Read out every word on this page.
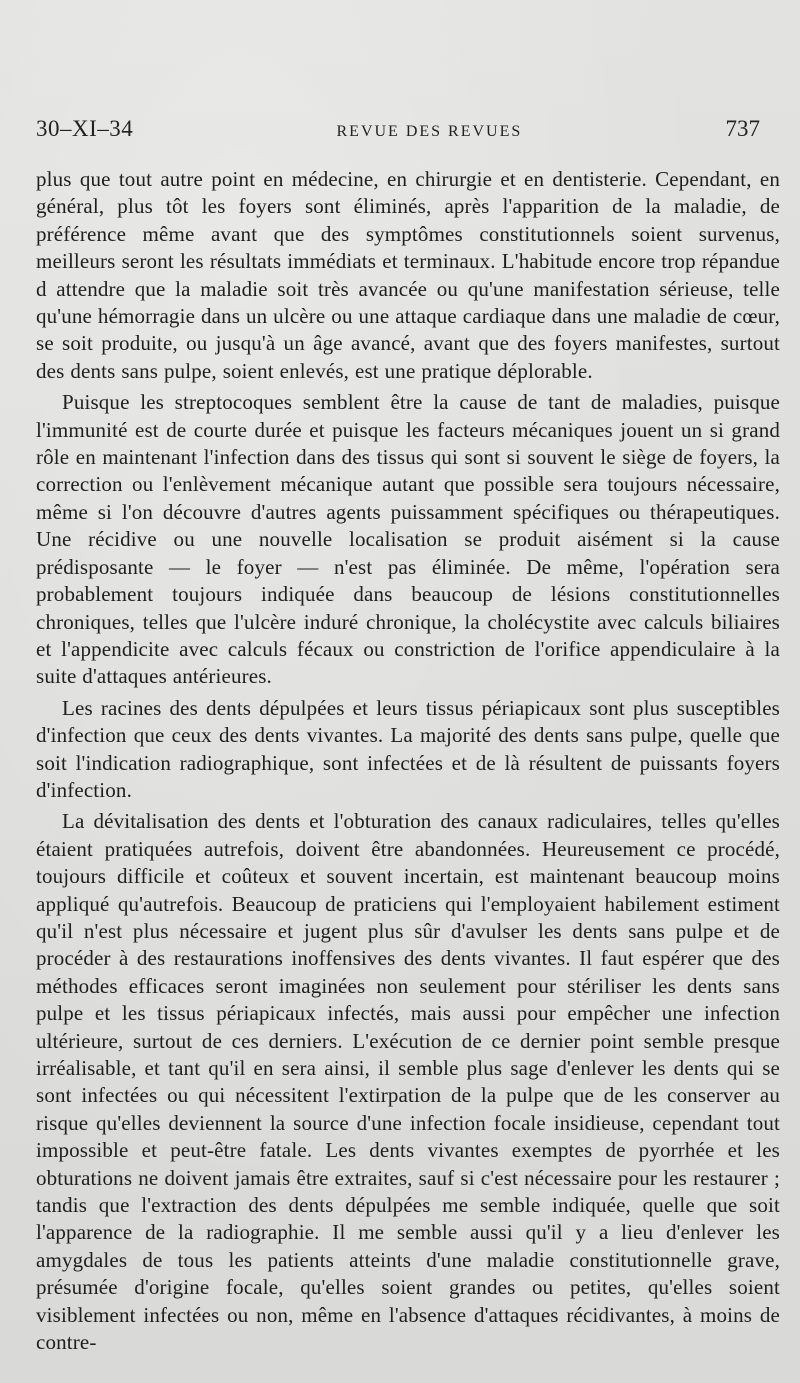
30–XI–34	REVUE DES REVUES	737

plus que tout autre point en médecine, en chirurgie et en dentisterie. Cependant, en général, plus tôt les foyers sont éliminés, après l'apparition de la maladie, de préférence même avant que des symptômes constitutionnels soient survenus, meilleurs seront les résultats immédiats et terminaux. L'habitude encore trop répandue d attendre que la maladie soit très avancée ou qu'une manifestation sérieuse, telle qu'une hémorragie dans un ulcère ou une attaque cardiaque dans une maladie de cœur, se soit produite, ou jusqu'à un âge avancé, avant que des foyers manifestes, surtout des dents sans pulpe, soient enlevés, est une pratique déplorable.

Puisque les streptocoques semblent être la cause de tant de maladies, puisque l'immunité est de courte durée et puisque les facteurs mécaniques jouent un si grand rôle en maintenant l'infection dans des tissus qui sont si souvent le siège de foyers, la correction ou l'enlèvement mécanique autant que possible sera toujours nécessaire, même si l'on découvre d'autres agents puissamment spécifiques ou thérapeutiques. Une récidive ou une nouvelle localisation se produit aisément si la cause prédisposante — le foyer — n'est pas éliminée. De même, l'opération sera probablement toujours indiquée dans beaucoup de lésions constitutionnelles chroniques, telles que l'ulcère induré chronique, la cholécystite avec calculs biliaires et l'appendicite avec calculs fécaux ou constriction de l'orifice appendiculaire à la suite d'attaques antérieures.

Les racines des dents dépulpées et leurs tissus périapicaux sont plus susceptibles d'infection que ceux des dents vivantes. La majorité des dents sans pulpe, quelle que soit l'indication radiographique, sont infectées et de là résultent de puissants foyers d'infection.

La dévitalisation des dents et l'obturation des canaux radiculaires, telles qu'elles étaient pratiquées autrefois, doivent être abandonnées. Heureusement ce procédé, toujours difficile et coûteux et souvent incertain, est maintenant beaucoup moins appliqué qu'autrefois. Beaucoup de praticiens qui l'employaient habilement estiment qu'il n'est plus nécessaire et jugent plus sûr d'avulser les dents sans pulpe et de procéder à des restaurations inoffensives des dents vivantes. Il faut espérer que des méthodes efficaces seront imaginées non seulement pour stériliser les dents sans pulpe et les tissus périapicaux infectés, mais aussi pour empêcher une infection ultérieure, surtout de ces derniers. L'exécution de ce dernier point semble presque irréalisable, et tant qu'il en sera ainsi, il semble plus sage d'enlever les dents qui se sont infectées ou qui nécessitent l'extirpation de la pulpe que de les conserver au risque qu'elles deviennent la source d'une infection focale insidieuse, cependant tout impossible et peut-être fatale. Les dents vivantes exemptes de pyorrhée et les obturations ne doivent jamais être extraites, sauf si c'est nécessaire pour les restaurer ; tandis que l'extraction des dents dépulpées me semble indiquée, quelle que soit l'apparence de la radiographie. Il me semble aussi qu'il y a lieu d'enlever les amygdales de tous les patients atteints d'une maladie constitutionnelle grave, présumée d'origine focale, qu'elles soient grandes ou petites, qu'elles soient visiblement infectées ou non, même en l'absence d'attaques récidivantes, à moins de contre-
